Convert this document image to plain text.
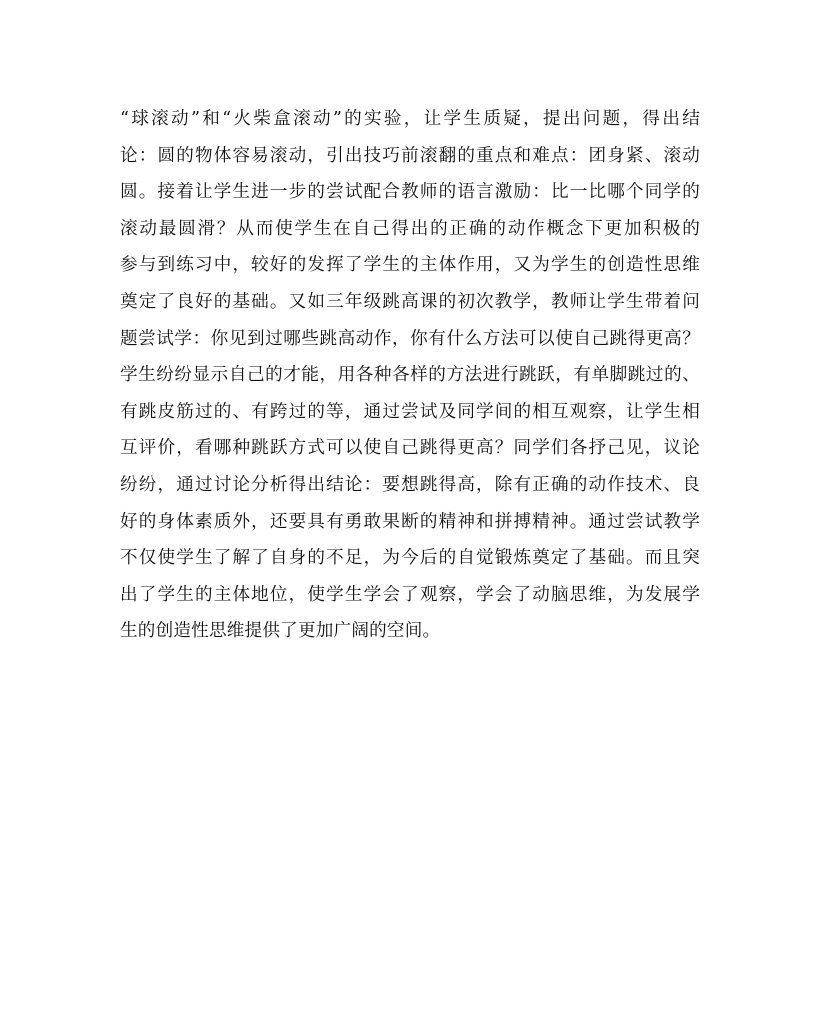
“球滚动”和“火柴盒滚动”的实验，让学生质疑，提出问题，得出结
论：圆的物体容易滚动，引出技巧前滚翻的重点和难点：团身紧、滚动
圆。接着让学生进一步的尝试配合教师的语言激励：比一比哪个同学的
滚动最圆滑？从而使学生在自己得出的正确的动作概念下更加积极的
参与到练习中，较好的发挥了学生的主体作用，又为学生的创造性思维
奠定了良好的基础。又如三年级跳高课的初次教学，教师让学生带着问
题尝试学：你见到过哪些跳高动作，你有什么方法可以使自己跳得更高？
学生纷纷显示自己的才能，用各种各样的方法进行跳跃，有单脚跳过的、
有跳皮筋过的、有跨过的等，通过尝试及同学间的相互观察，让学生相
互评价，看哪种跳跃方式可以使自己跳得更高？同学们各抒己见，议论
纷纷，通过讨论分析得出结论：要想跳得高，除有正确的动作技术、良
好的身体素质外，还要具有勇敢果断的精神和拼搏精神。通过尝试教学
不仅使学生了解了自身的不足，为今后的自觉锻炼奠定了基础。而且突
出了学生的主体地位，使学生学会了观察，学会了动脑思维，为发展学
生的创造性思维提供了更加广阔的空间。
